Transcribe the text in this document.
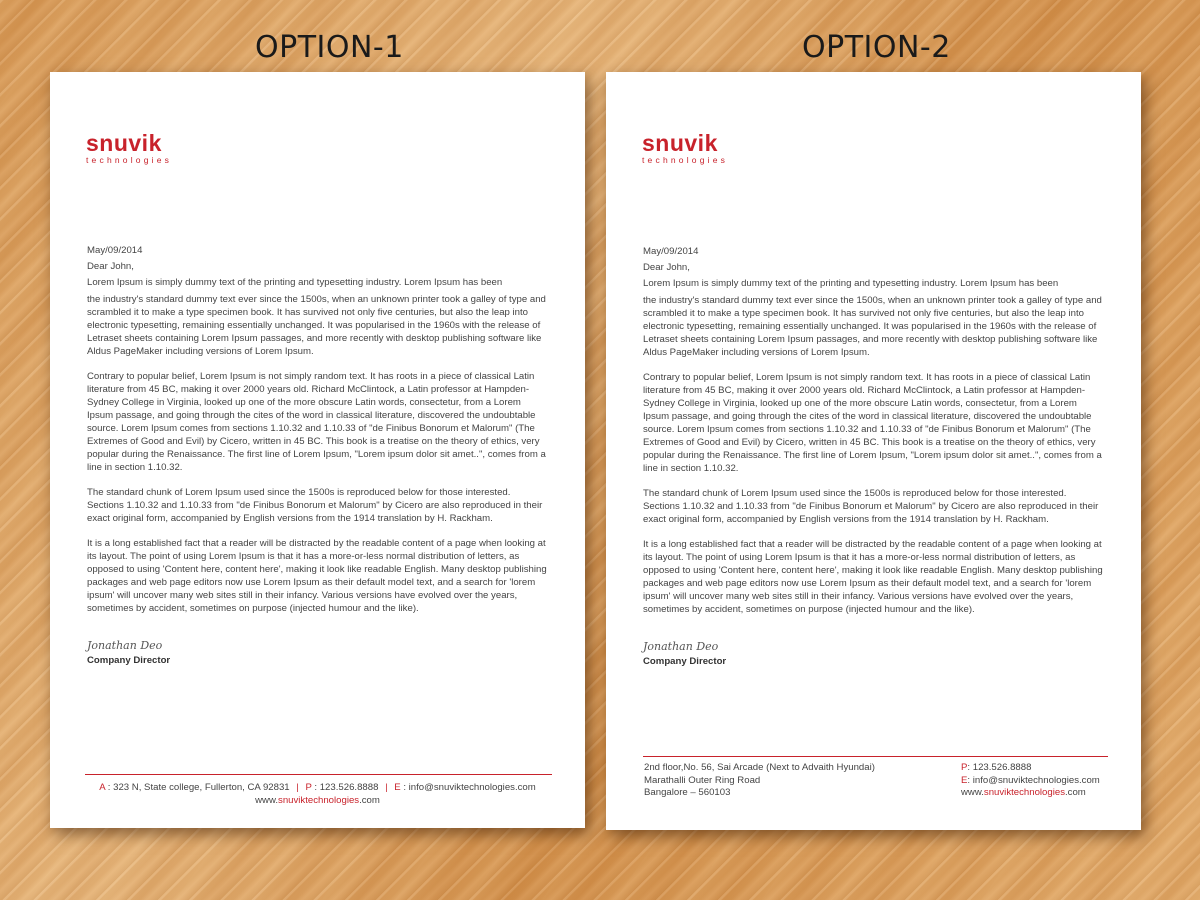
OPTION-1
snuvik
technologies

May/09/2014

Dear John,

Lorem Ipsum is simply dummy text of the printing and typesetting industry. Lorem Ipsum has been

the industry's standard dummy text ever since the 1500s, when an unknown printer took a galley of type and scrambled it to make a type specimen book. It has survived not only five centuries, but also the leap into electronic typesetting, remaining essentially unchanged. It was popularised in the 1960s with the release of Letraset sheets containing Lorem Ipsum passages, and more recently with desktop publishing software like Aldus PageMaker including versions of Lorem Ipsum.

Contrary to popular belief, Lorem Ipsum is not simply random text. It has roots in a piece of classical Latin literature from 45 BC, making it over 2000 years old. Richard McClintock, a Latin professor at Hampden-Sydney College in Virginia, looked up one of the more obscure Latin words, consectetur, from a Lorem Ipsum passage, and going through the cites of the word in classical literature, discovered the undoubtable source. Lorem Ipsum comes from sections 1.10.32 and 1.10.33 of "de Finibus Bonorum et Malorum" (The Extremes of Good and Evil) by Cicero, written in 45 BC. This book is a treatise on the theory of ethics, very popular during the Renaissance. The first line of Lorem Ipsum, "Lorem ipsum dolor sit amet..", comes from a line in section 1.10.32.

The standard chunk of Lorem Ipsum used since the 1500s is reproduced below for those interested. Sections 1.10.32 and 1.10.33 from "de Finibus Bonorum et Malorum" by Cicero are also reproduced in their exact original form, accompanied by English versions from the 1914 translation by H. Rackham.

It is a long established fact that a reader will be distracted by the readable content of a page when looking at its layout. The point of using Lorem Ipsum is that it has a more-or-less normal distribution of letters, as opposed to using 'Content here, content here', making it look like readable English. Many desktop publishing packages and web page editors now use Lorem Ipsum as their default model text, and a search for 'lorem ipsum' will uncover many web sites still in their infancy. Various versions have evolved over the years, sometimes by accident, sometimes on purpose (injected humour and the like).

Jonathan Deo

Company Director

A : 323 N, State college, Fullerton, CA 92831 | P : 123.526.8888 | E : info@snuviktechnologies.com
www.snuviktechnologies.com
OPTION-2
snuvik
technologies

May/09/2014

Dear John,

Lorem Ipsum is simply dummy text of the printing and typesetting industry. Lorem Ipsum has been

the industry's standard dummy text ever since the 1500s, when an unknown printer took a galley of type and scrambled it to make a type specimen book. It has survived not only five centuries, but also the leap into electronic typesetting, remaining essentially unchanged. It was popularised in the 1960s with the release of Letraset sheets containing Lorem Ipsum passages, and more recently with desktop publishing software like Aldus PageMaker including versions of Lorem Ipsum.

Contrary to popular belief, Lorem Ipsum is not simply random text. It has roots in a piece of classical Latin literature from 45 BC, making it over 2000 years old. Richard McClintock, a Latin professor at Hampden-Sydney College in Virginia, looked up one of the more obscure Latin words, consectetur, from a Lorem Ipsum passage, and going through the cites of the word in classical literature, discovered the undoubtable source. Lorem Ipsum comes from sections 1.10.32 and 1.10.33 of "de Finibus Bonorum et Malorum" (The Extremes of Good and Evil) by Cicero, written in 45 BC. This book is a treatise on the theory of ethics, very popular during the Renaissance. The first line of Lorem Ipsum, "Lorem ipsum dolor sit amet..", comes from a line in section 1.10.32.

The standard chunk of Lorem Ipsum used since the 1500s is reproduced below for those interested. Sections 1.10.32 and 1.10.33 from "de Finibus Bonorum et Malorum" by Cicero are also reproduced in their exact original form, accompanied by English versions from the 1914 translation by H. Rackham.

It is a long established fact that a reader will be distracted by the readable content of a page when looking at its layout. The point of using Lorem Ipsum is that it has a more-or-less normal distribution of letters, as opposed to using 'Content here, content here', making it look like readable English. Many desktop publishing packages and web page editors now use Lorem Ipsum as their default model text, and a search for 'lorem ipsum' will uncover many web sites still in their infancy. Various versions have evolved over the years, sometimes by accident, sometimes on purpose (injected humour and the like).

Jonathan Deo

Company Director

2nd floor,No. 56, Sai Arcade (Next to Advaith Hyundai)
Marathalli Outer Ring Road
Bangalore – 560103
P: 123.526.8888
E: info@snuviktechnologies.com
www.snuviktechnologies.com
